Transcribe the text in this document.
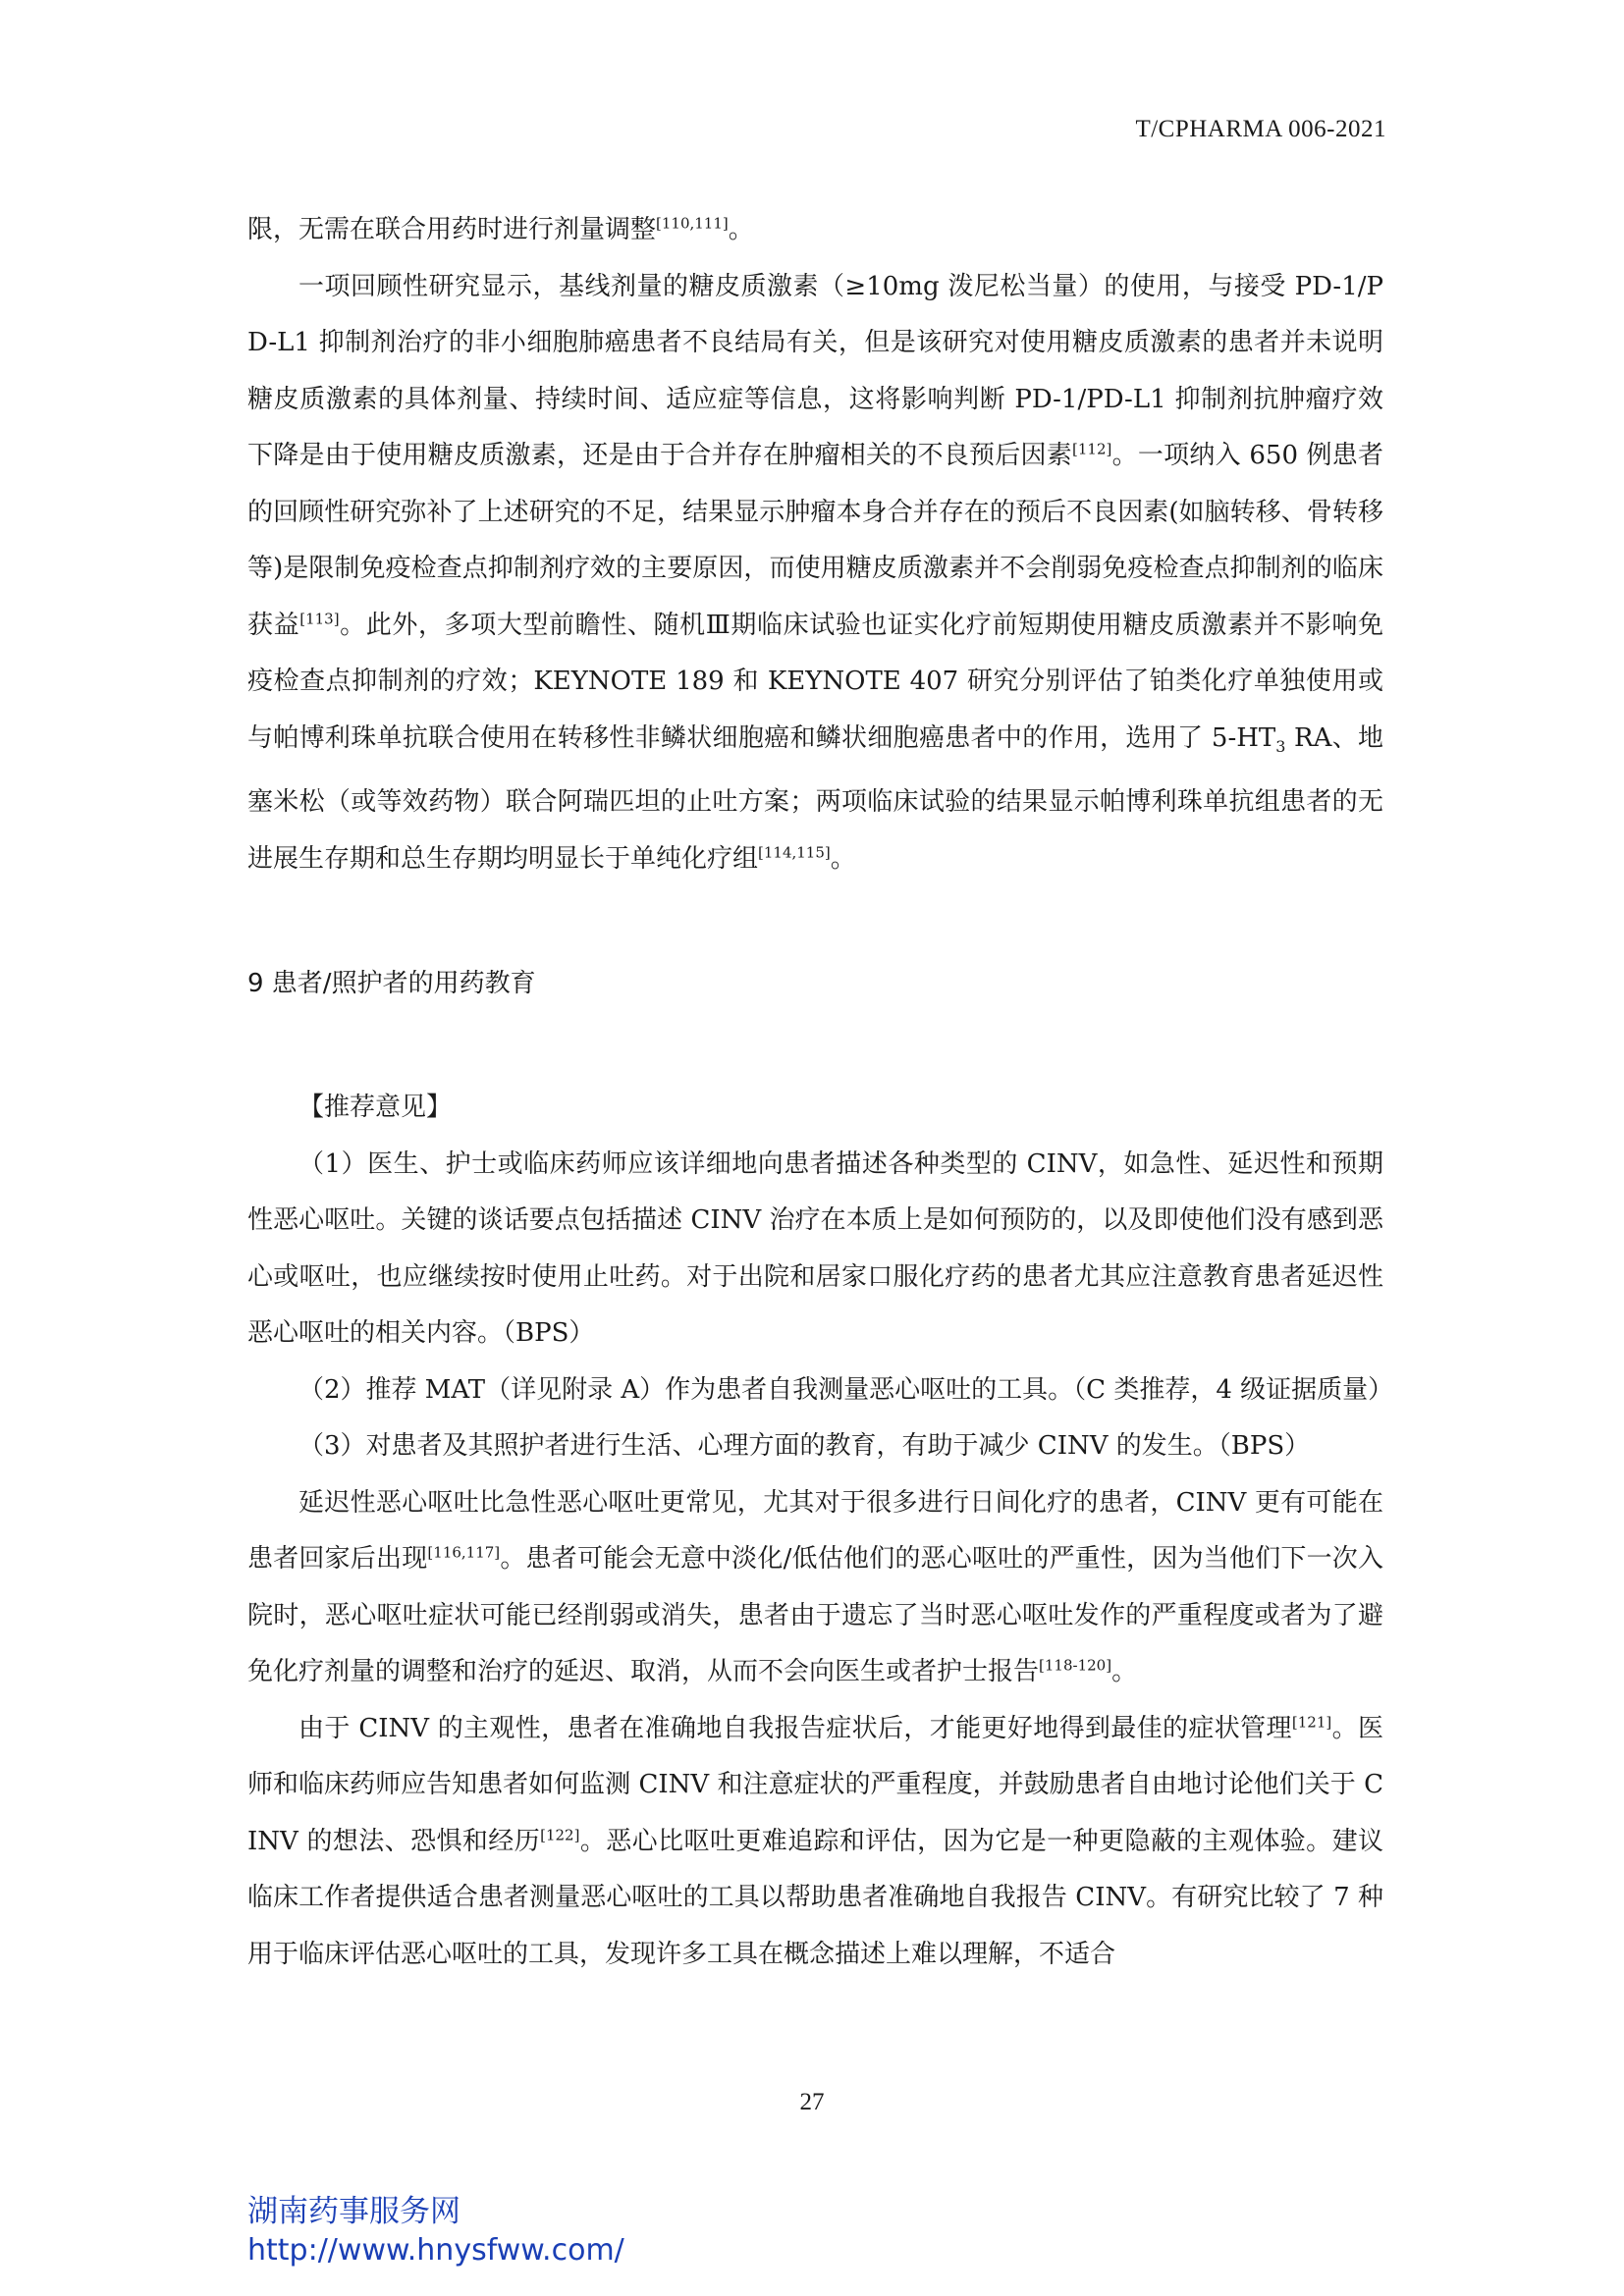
T/CPHARMA 006-2021

限，无需在联合用药时进行剂量调整[110,111]。

一项回顾性研究显示，基线剂量的糖皮质激素（≥10mg 泼尼松当量）的使用，与接受 PD-1/PD-L1 抑制剂治疗的非小细胞肺癌患者不良结局有关，但是该研究对使用糖皮质激素的患者并未说明糖皮质激素的具体剂量、持续时间、适应症等信息，这将影响判断 PD-1/PD-L1 抑制剂抗肿瘤疗效下降是由于使用糖皮质激素，还是由于合并存在肿瘤相关的不良预后因素[112]。一项纳入 650 例患者的回顾性研究弥补了上述研究的不足，结果显示肿瘤本身合并存在的预后不良因素(如脑转移、骨转移等)是限制免疫检查点抑制剂疗效的主要原因，而使用糖皮质激素并不会削弱免疫检查点抑制剂的临床获益[113]。此外，多项大型前瞻性、随机Ⅲ期临床试验也证实化疗前短期使用糖皮质激素并不影响免疫检查点抑制剂的疗效；KEYNOTE 189 和 KEYNOTE 407 研究分别评估了铂类化疗单独使用或与帕博利珠单抗联合使用在转移性非鳞状细胞癌和鳞状细胞癌患者中的作用，选用了 $5-HT_3$ RA、地塞米松（或等效药物）联合阿瑞匹坦的止吐方案；两项临床试验的结果显示帕博利珠单抗组患者的无进展生存期和总生存期均明显长于单纯化疗组[114,115]。

9 患者/照护者的用药教育

【推荐意见】

（1）医生、护士或临床药师应该详细地向患者描述各种类型的 CINV，如急性、延迟性和预期性恶心呕吐。关键的谈话要点包括描述 CINV 治疗在本质上是如何预防的，以及即使他们没有感到恶心或呕吐，也应继续按时使用止吐药。对于出院和居家口服化疗药的患者尤其应注意教育患者延迟性恶心呕吐的相关内容。（BPS）

（2）推荐 MAT（详见附录 A）作为患者自我测量恶心呕吐的工具。（C 类推荐，4 级证据质量）

（3）对患者及其照护者进行生活、心理方面的教育，有助于减少 CINV 的发生。（BPS）

延迟性恶心呕吐比急性恶心呕吐更常见，尤其对于很多进行日间化疗的患者，CINV 更有可能在患者回家后出现[116,117]。患者可能会无意中淡化/低估他们的恶心呕吐的严重性，因为当他们下一次入院时，恶心呕吐症状可能已经削弱或消失，患者由于遗忘了当时恶心呕吐发作的严重程度或者为了避免化疗剂量的调整和治疗的延迟、取消，从而不会向医生或者护士报告[118-120]。

由于 CINV 的主观性，患者在准确地自我报告症状后，才能更好地得到最佳的症状管理[121]。医师和临床药师应告知患者如何监测 CINV 和注意症状的严重程度，并鼓励患者自由地讨论他们关于 CINV 的想法、恐惧和经历[122]。恶心比呕吐更难追踪和评估，因为它是一种更隐蔽的主观体验。建议临床工作者提供适合患者测量恶心呕吐的工具以帮助患者准确地自我报告 CINV。有研究比较了 7 种用于临床评估恶心呕吐的工具，发现许多工具在概念描述上难以理解，不适合

27
湖南药事服务网
http://www.hnysfww.com/
